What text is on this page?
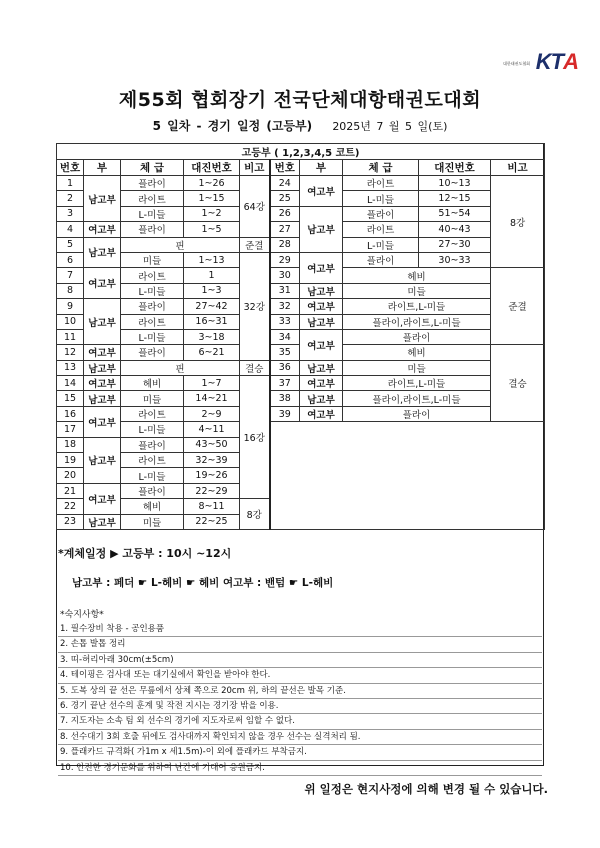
대한태권도협회 KTA
제55회 협회장기 전국단체대항태권도대회
5 일차 - 경기 일정 (고등부) 2025년 7 월 5 일(토)
고등부 ( 1,2,3,4,5 코트)									
번호	부	체 급	대진번호	비고	번호	부	체 급	대진번호	비고
1	남고부	플라이	1~26	64강	24	여고부	라이트	10~13	8강
2		라이트	1~15		25		L-미들	12~15	
3		L-미들	1~2		26	남고부	플라이	51~54	
4	여고부	플라이	1~5		27		라이트	40~43	
5	남고부	핀		준결	28		L-미들	27~30	
6		미들	1~13	32강	29	여고부	플라이	30~33	
7	여고부	라이트	1		30		헤비		준결
8		L-미들	1~3		31	남고부	미들		
9	남고부	플라이	27~42		32	여고부	라이트,L-미들		
10		라이트	16~31		33	남고부	플라이,라이트,L-미들		
11		L-미들	3~18		34	여고부	플라이		
12	여고부	플라이	6~21		35		헤비		결승
13	남고부	핀		결승	36	남고부	미들		
14	여고부	헤비	1~7	16강	37	여고부	라이트,L-미들		
15	남고부	미들	14~21		38	남고부	플라이,라이트,L-미들		
16	여고부	라이트	2~9		39	여고부	플라이		
17		L-미들	4~11						
18	남고부	플라이	43~50						
19		라이트	32~39						
20		L-미들	19~26						
21	여고부	플라이	22~29						
22		헤비	8~11	8강					
23	남고부	미들	22~25						
*계체일정 ▶ 고등부 : 10시 ~12시
남고부 : 페더 ☛ L-헤비 ☛ 헤비 여고부 : 밴텀 ☛ L-헤비
*숙지사항*
1. 필수장비 착용 - 공인용품
2. 손톱 발톱 정리
3. 띠-허리아래 30cm(±5cm)
4. 테이핑은 검사대 또는 대기실에서 확인을 받아야 한다.
5. 도복 상의 끝 선은 무릎에서 상체 쪽으로 20cm 위, 하의 끝선은 발목 기준.
6. 경기 끝난 선수의 훈계 및 작전 지시는 경기장 밖을 이용.
7. 지도자는 소속 팀 외 선수의 경기에 지도자로써 임할 수 없다.
8. 선수대기 3회 호출 뒤에도 검사대까지 확인되지 않을 경우 선수는 실격처리 됨.
9. 플래카드 규격화( 가1m x 세1.5m)-이 외에 플래카드 부착금지.
10. 안전한 경기문화를 위하여 난간에 기대어 응원금지.
위 일정은 현지사정에 의해 변경 될 수 있습니다.
